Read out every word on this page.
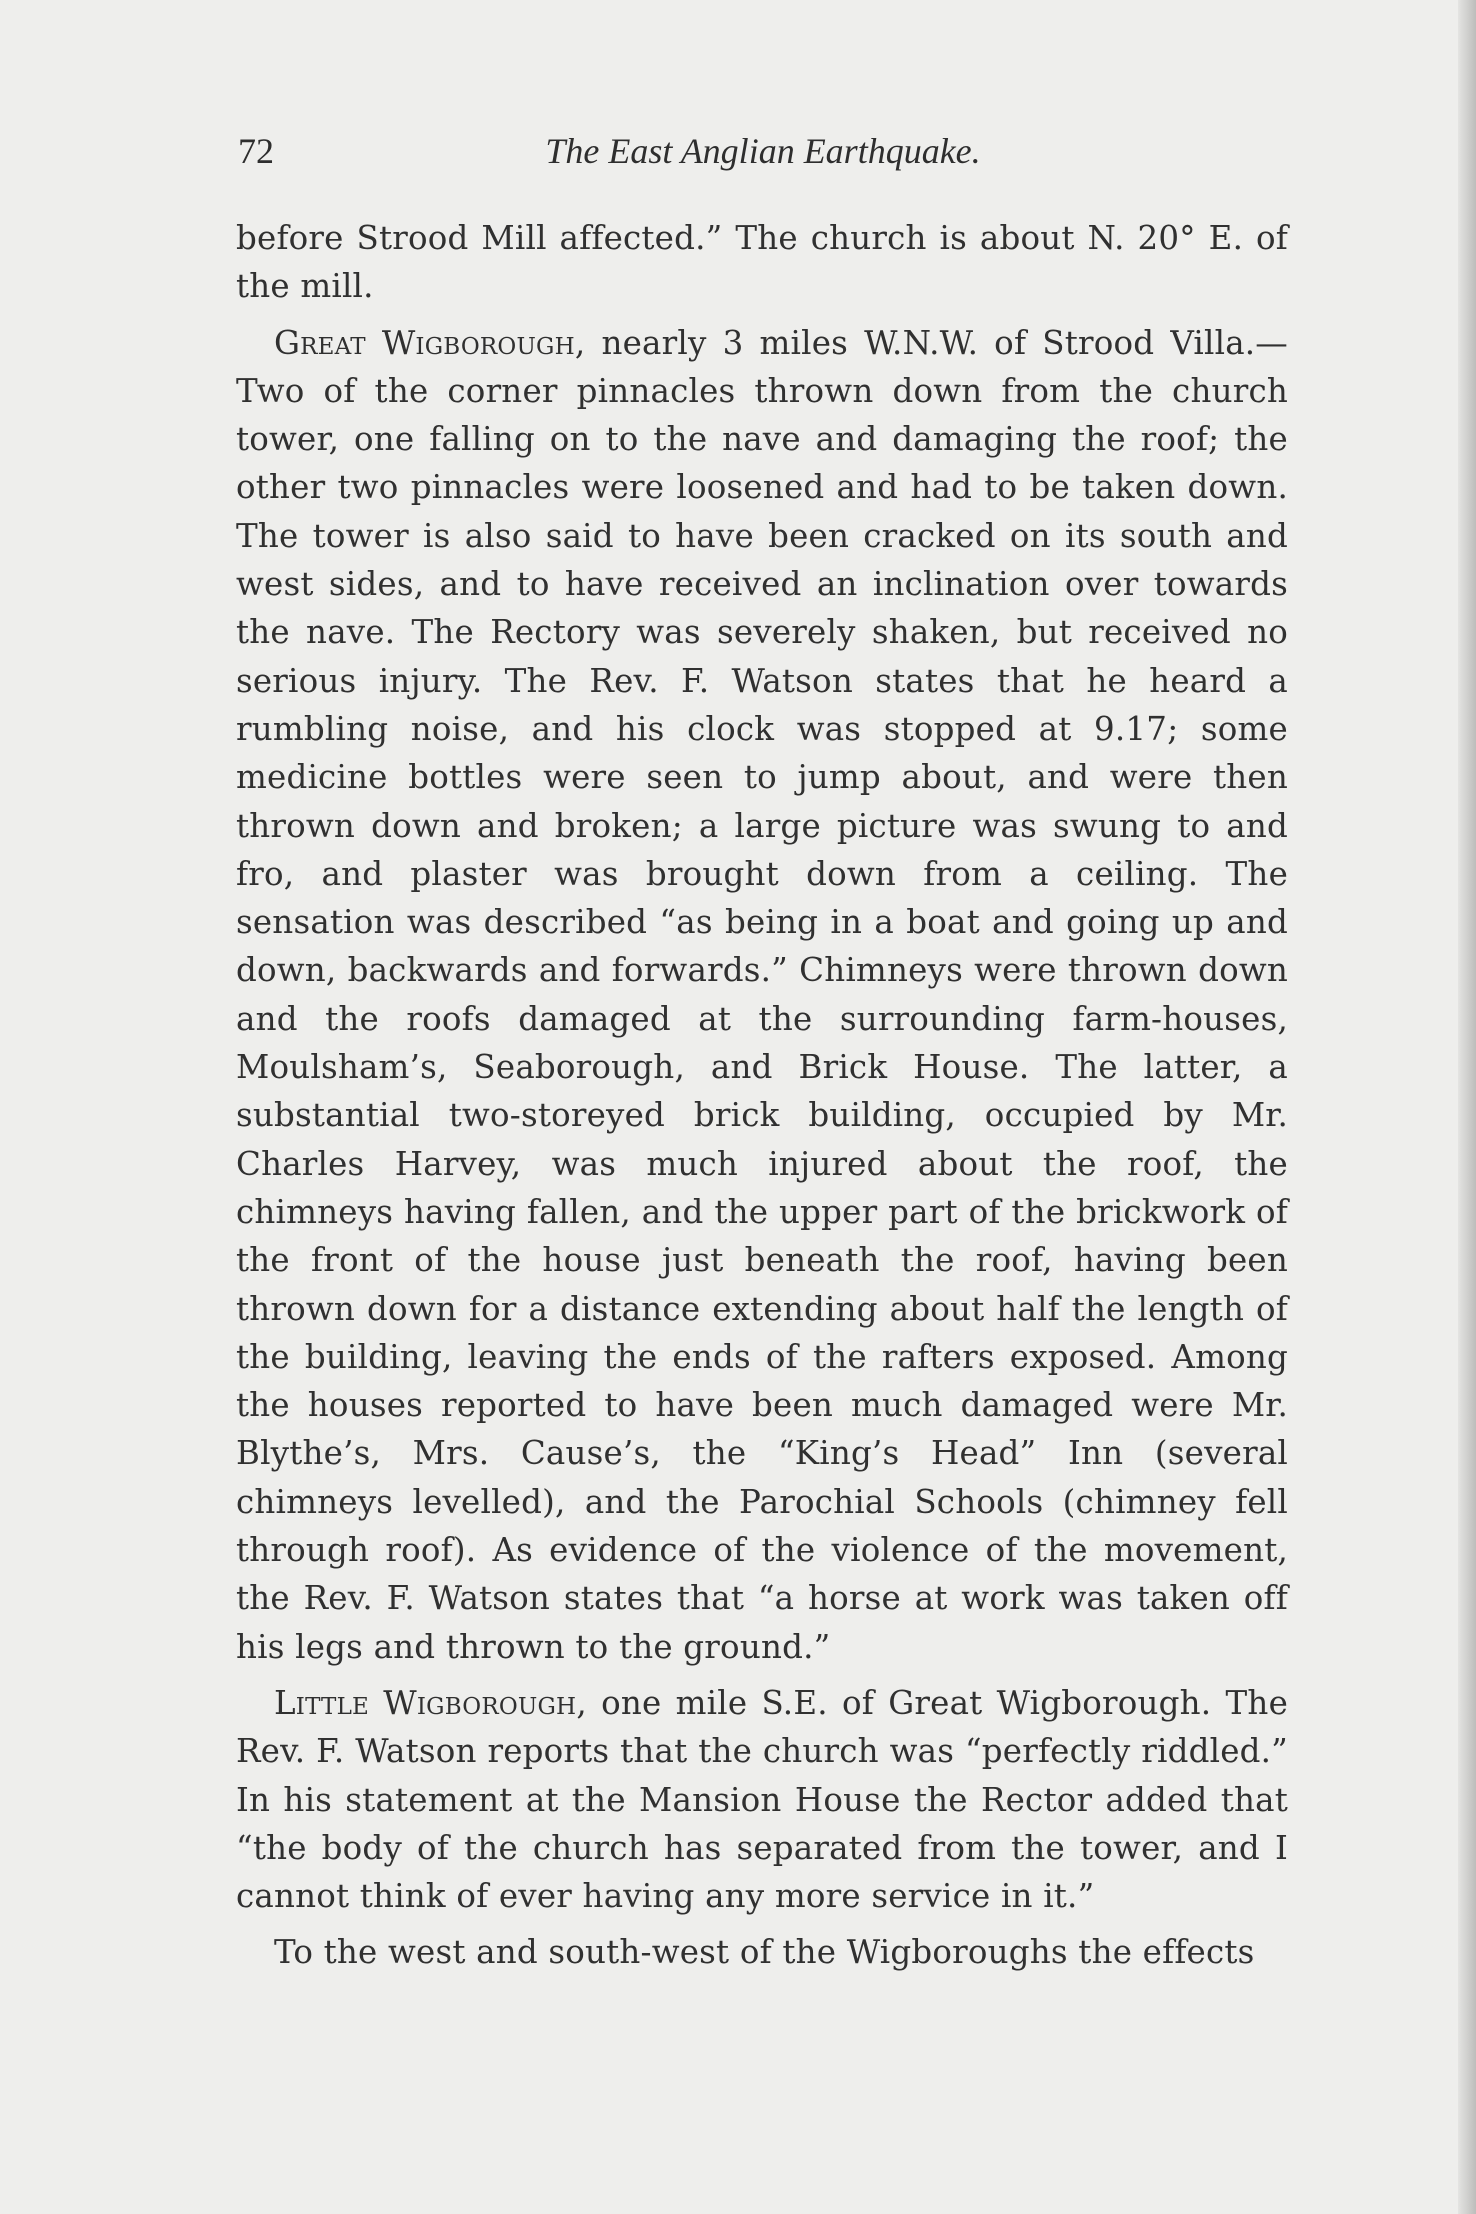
72	The East Anglian Earthquake.

before Strood Mill affected.” The church is about N. 20° E. of the mill.

Great Wigborough, nearly 3 miles W.N.W. of Strood Villa.—Two of the corner pinnacles thrown down from the church tower, one falling on to the nave and damaging the roof; the other two pinnacles were loosened and had to be taken down. The tower is also said to have been cracked on its south and west sides, and to have received an inclination over towards the nave. The Rectory was severely shaken, but received no serious injury. The Rev. F. Watson states that he heard a rumbling noise, and his clock was stopped at 9.17; some medicine bottles were seen to jump about, and were then thrown down and broken; a large picture was swung to and fro, and plaster was brought down from a ceiling. The sensation was described “as being in a boat and going up and down, backwards and forwards.” Chimneys were thrown down and the roofs damaged at the surrounding farm-houses, Moulsham’s, Seaborough, and Brick House. The latter, a substantial two-storeyed brick building, occupied by Mr. Charles Harvey, was much injured about the roof, the chimneys having fallen, and the upper part of the brickwork of the front of the house just beneath the roof, having been thrown down for a distance extending about half the length of the building, leaving the ends of the rafters exposed. Among the houses reported to have been much damaged were Mr. Blythe’s, Mrs. Cause’s, the “King’s Head” Inn (several chimneys levelled), and the Parochial Schools (chimney fell through roof). As evidence of the violence of the movement, the Rev. F. Watson states that “a horse at work was taken off his legs and thrown to the ground.”

Little Wigborough, one mile S.E. of Great Wigborough. The Rev. F. Watson reports that the church was “perfectly riddled.” In his statement at the Mansion House the Rector added that “the body of the church has separated from the tower, and I cannot think of ever having any more service in it.”

To the west and south-west of the Wigboroughs the effects
